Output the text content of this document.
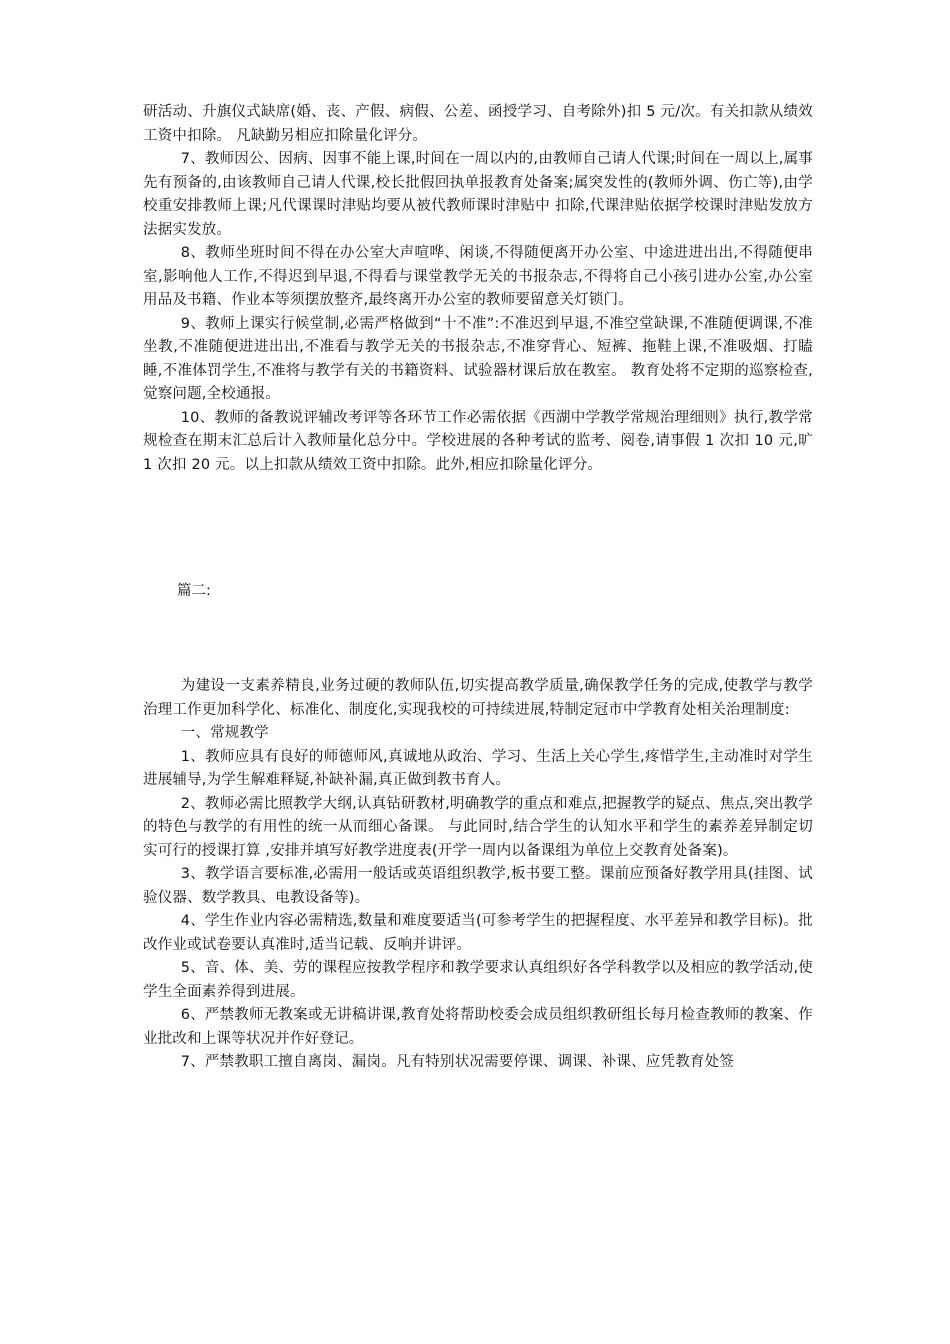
研活动、升旗仪式缺席(婚、丧、产假、病假、公差、函授学习、自考除外)扣 5 元/次。有关扣款从绩效工资中扣除。 凡缺勤另相应扣除量化评分。

7、教师因公、因病、因事不能上课,时间在一周以内的,由教师自己请人代课;时间在一周以上,属事先有预备的,由该教师自己请人代课,校长批假回执单报教育处备案;属突发性的(教师外调、伤亡等),由学校重安排教师上课;凡代课课时津贴均要从被代教师课时津贴中 扣除,代课津贴依据学校课时津贴发放方法据实发放。

8、教师坐班时间不得在办公室大声喧哗、闲谈,不得随便离开办公室、中途进进出出,不得随便串室,影响他人工作,不得迟到早退,不得看与课堂教学无关的书报杂志,不得将自己小孩引进办公室,办公室用品及书籍、作业本等须摆放整齐,最终离开办公室的教师要留意关灯锁门。

9、教师上课实行候堂制,必需严格做到“十不准”:不准迟到早退,不准空堂缺课,不准随便调课,不准坐教,不准随便进进出出,不准看与教学无关的书报杂志,不准穿背心、短裤、拖鞋上课,不准吸烟、打瞌睡,不准体罚学生,不准将与教学有关的书籍资料、试验器材课后放在教室。 教育处将不定期的巡察检查,觉察问题,全校通报。

10、教师的备教说评辅改考评等各环节工作必需依据《西湖中学教学常规治理细则》执行,教学常规检查在期末汇总后计入教师量化总分中。学校进展的各种考试的监考、阅卷,请事假 1 次扣 10 元,旷 1 次扣 20 元。以上扣款从绩效工资中扣除。此外,相应扣除量化评分。

篇二:

为建设一支素养精良,业务过硬的教师队伍,切实提高教学质量,确保教学任务的完成,使教学与教学治理工作更加科学化、标准化、制度化,实现我校的可持续进展,特制定冠市中学教育处相关治理制度:

一、常规教学

1、教师应具有良好的师德师风,真诚地从政治、学习、生活上关心学生,疼惜学生,主动准时对学生进展辅导,为学生解难释疑,补缺补漏,真正做到教书育人。

2、教师必需比照教学大纲,认真钻研教材,明确教学的重点和难点,把握教学的疑点、焦点,突出教学的特色与教学的有用性的统一从而细心备课。 与此同时,结合学生的认知水平和学生的素养差异制定切实可行的授课打算 ,安排并填写好教学进度表(开学一周内以备课组为单位上交教育处备案)。

3、教学语言要标准,必需用一般话或英语组织教学,板书要工整。课前应预备好教学用具(挂图、试验仪器、数学教具、电教设备等)。

4、学生作业内容必需精选,数量和难度要适当(可参考学生的把握程度、水平差异和教学目标)。批改作业或试卷要认真准时,适当记载、反响并讲评。

5、音、体、美、劳的课程应按教学程序和教学要求认真组织好各学科教学以及相应的教学活动,使学生全面素养得到进展。

6、严禁教师无教案或无讲稿讲课,教育处将帮助校委会成员组织教研组长每月检查教师的教案、作业批改和上课等状况并作好登记。

7、严禁教职工擅自离岗、漏岗。凡有特别状况需要停课、调课、补课、应凭教育处签
